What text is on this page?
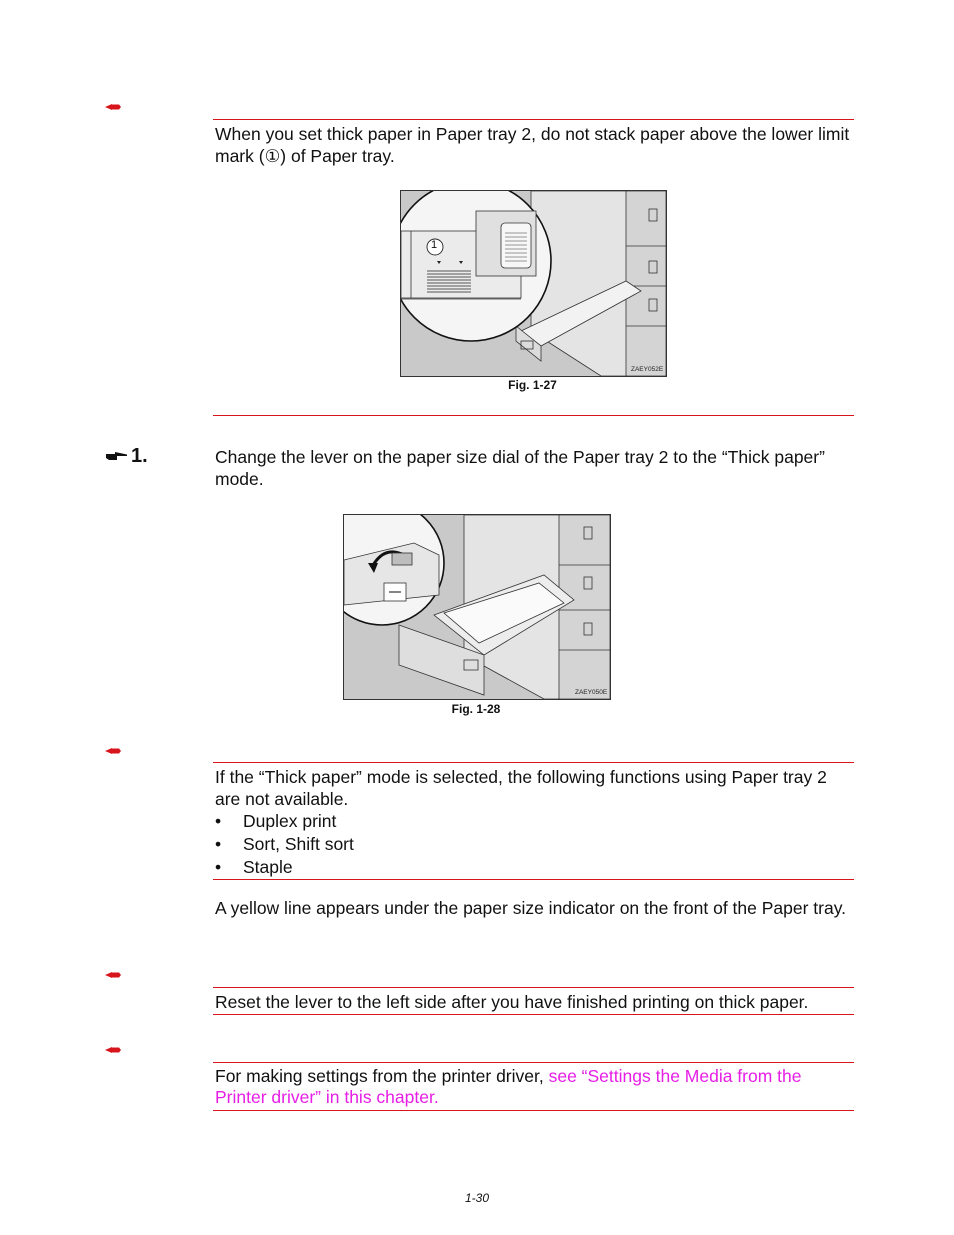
When you set thick paper in Paper tray 2, do not stack paper above the lower limit mark (①) of Paper tray.
1
ZAEY052E
Fig. 1-27
1.	Change the lever on the paper size dial of the Paper tray 2 to the “Thick paper” mode.
ZAEY050E
Fig. 1-28
If the “Thick paper” mode is selected, the following functions using Paper tray 2 are not available.
• Duplex print
• Sort, Shift sort
• Staple
A yellow line appears under the paper size indicator on the front of the Paper tray.
Reset the lever to the left side after you have finished printing on thick paper.
For making settings from the printer driver, see “Settings the Media from the Printer driver” in this chapter.
1-30
